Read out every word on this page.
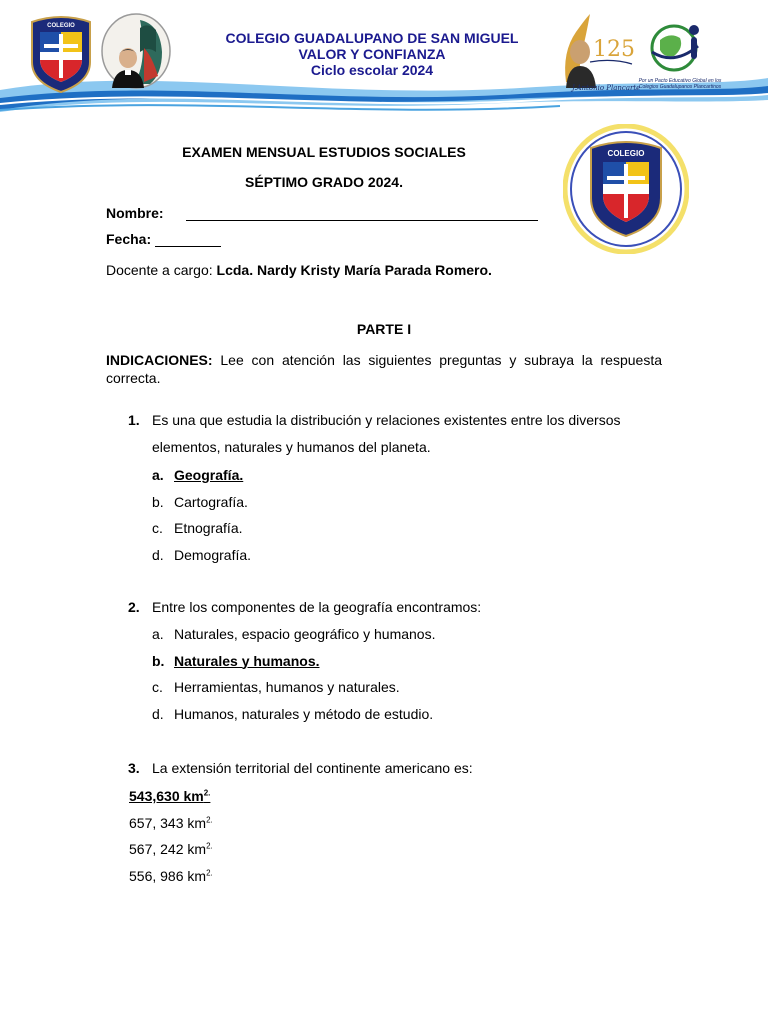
COLEGIO
COLEGIO GUADALUPANO DE SAN MIGUEL
VALOR Y CONFIANZA
Ciclo escolar 2024
125
J.Antonio Plancarte
Por un Pacto Educativo Global en los Colegios Guadalupanos Plancartinos
EXAMEN MENSUAL ESTUDIOS SOCIALES
SÉPTIMO GRADO 2024.
COLEGIO
Nombre:
Fecha:
Docente a cargo: Lcda. Nardy Kristy María Parada Romero.
PARTE I
INDICACIONES: Lee con atención las siguientes preguntas y subraya la respuesta correcta.
1. Es una que estudia la distribución y relaciones existentes entre los diversos elementos, naturales y humanos del planeta.
a. Geografía.
b. Cartografía.
c. Etnografía.
d. Demografía.
2. Entre los componentes de la geografía encontramos:
a. Naturales, espacio geográfico y humanos.
b. Naturales y humanos.
c. Herramientas, humanos y naturales.
d. Humanos, naturales y método de estudio.
3. La extensión territorial del continente americano es:
543,630 $km^{2.}$
657, 343 $km^{2.}$
567, 242 $km^{2.}$
556, 986 $km^{2.}$
